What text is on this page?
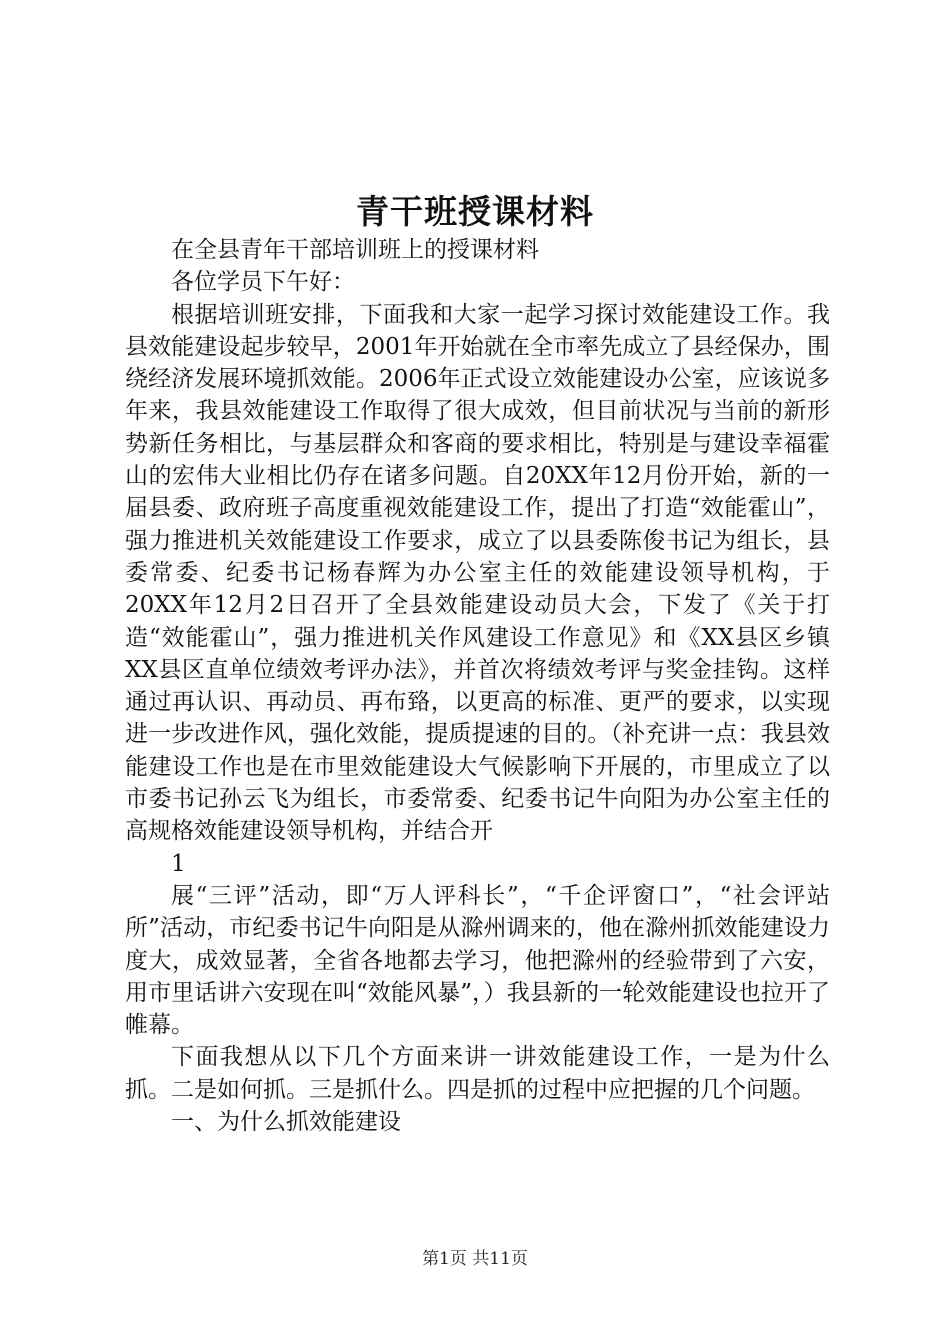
青干班授课材料

在全县青年干部培训班上的授课材料

各位学员下午好：

根据培训班安排，下面我和大家一起学习探讨效能建设工作。我县效能建设起步较早，2001年开始就在全市率先成立了县经保办，围绕经济发展环境抓效能。2006年正式设立效能建设办公室，应该说多年来，我县效能建设工作取得了很大成效，但目前状况与当前的新形势新任务相比，与基层群众和客商的要求相比，特别是与建设幸福霍山的宏伟大业相比仍存在诸多问题。自20XX年12月份开始，新的一届县委、政府班子高度重视效能建设工作，提出了打造“效能霍山”，强力推进机关效能建设工作要求，成立了以县委陈俊书记为组长，县委常委、纪委书记杨春辉为办公室主任的效能建设领导机构，于20XX年12月2日召开了全县效能建设动员大会，下发了《关于打造“效能霍山”，强力推进机关作风建设工作意见》和《XX县区乡镇XX县区直单位绩效考评办法》，并首次将绩效考评与奖金挂钩。这样通过再认识、再动员、再布臵，以更高的标准、更严的要求，以实现进一步改进作风，强化效能，提质提速的目的。（补充讲一点：我县效能建设工作也是在市里效能建设大气候影响下开展的，市里成立了以市委书记孙云飞为组长，市委常委、纪委书记牛向阳为办公室主任的高规格效能建设领导机构，并结合开

1

展“三评”活动，即“万人评科长”，“千企评窗口”，“社会评站所”活动，市纪委书记牛向阳是从滁州调来的，他在滁州抓效能建设力度大，成效显著，全省各地都去学习，他把滁州的经验带到了六安，用市里话讲六安现在叫“效能风暴”，）我县新的一轮效能建设也拉开了帷幕。

下面我想从以下几个方面来讲一讲效能建设工作，一是为什么抓。二是如何抓。三是抓什么。四是抓的过程中应把握的几个问题。

一、为什么抓效能建设

第1页 共11页
